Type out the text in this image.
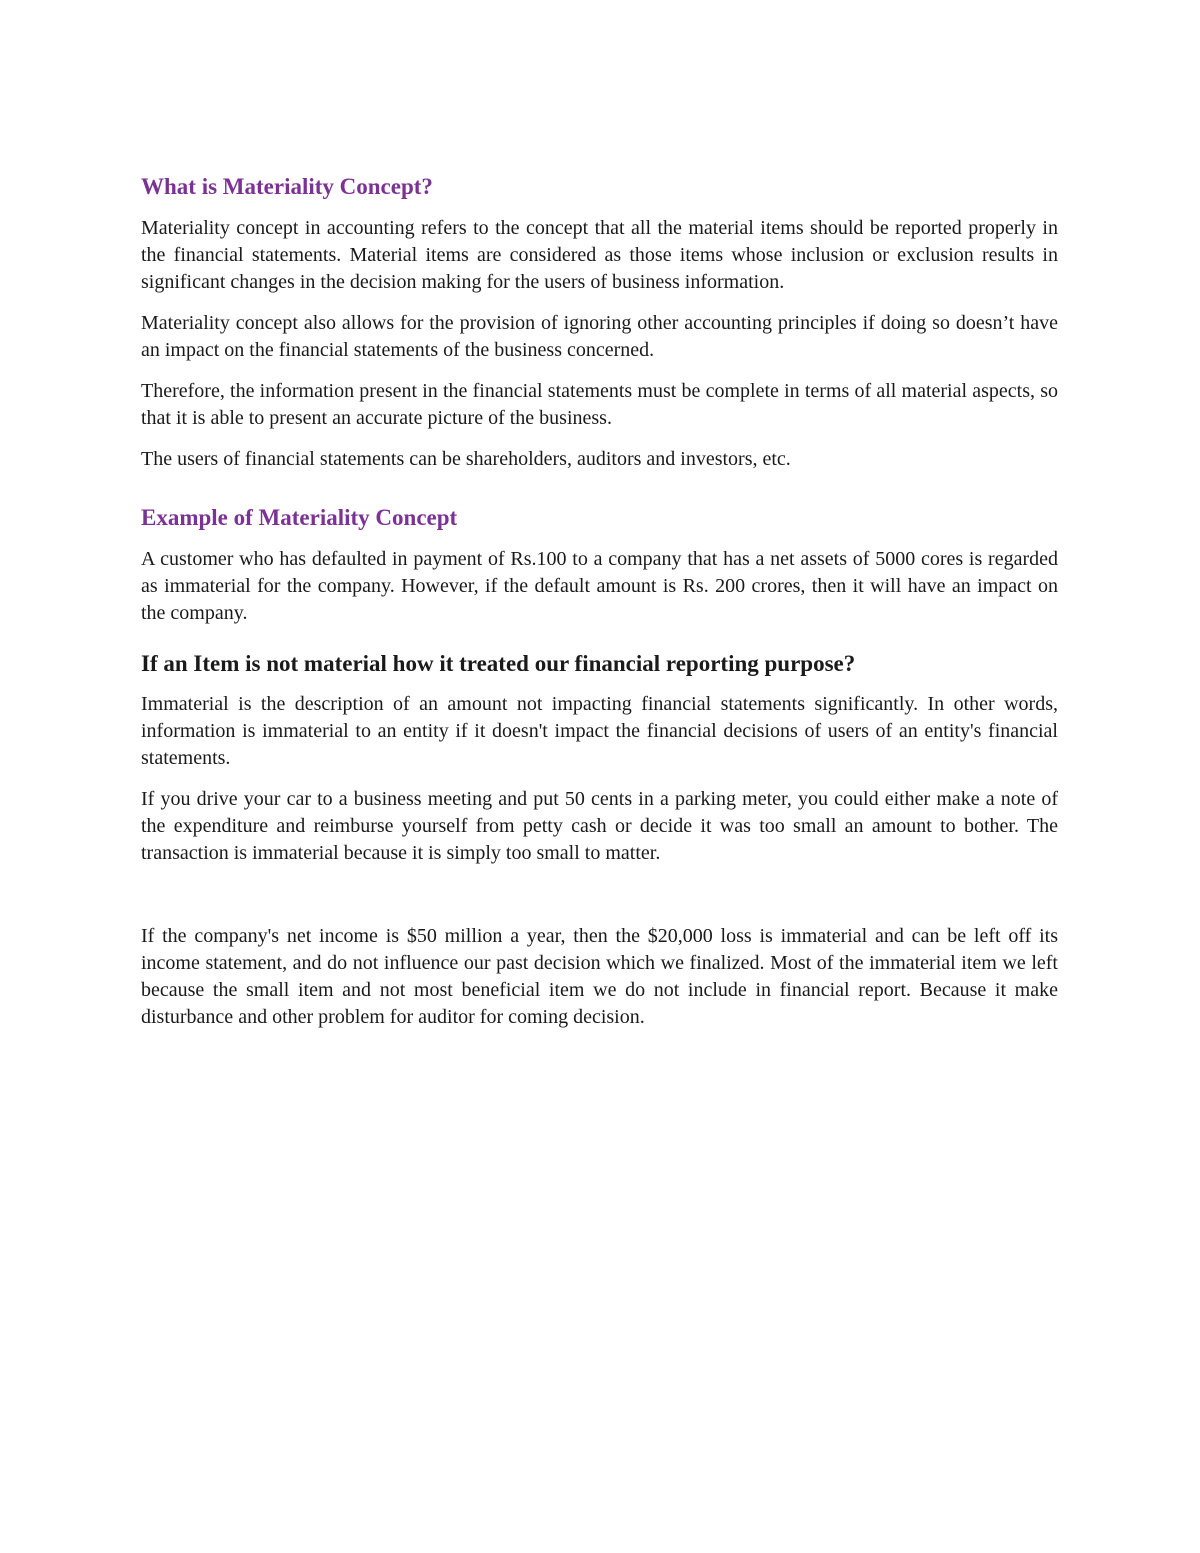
What is Materiality Concept?

Materiality concept in accounting refers to the concept that all the material items should be reported properly in the financial statements. Material items are considered as those items whose inclusion or exclusion results in significant changes in the decision making for the users of business information.

Materiality concept also allows for the provision of ignoring other accounting principles if doing so doesn’t have an impact on the financial statements of the business concerned.

Therefore, the information present in the financial statements must be complete in terms of all material aspects, so that it is able to present an accurate picture of the business.

The users of financial statements can be shareholders, auditors and investors, etc.

Example of Materiality Concept

A customer who has defaulted in payment of Rs.100 to a company that has a net assets of 5000 cores is regarded as immaterial for the company. However, if the default amount is Rs. 200 crores, then it will have an impact on the company.

If an Item is not material how it treated our financial reporting purpose?

Immaterial is the description of an amount not impacting financial statements significantly. In other words, information is immaterial to an entity if it doesn't impact the financial decisions of users of an entity's financial statements.

If you drive your car to a business meeting and put 50 cents in a parking meter, you could either make a note of the expenditure and reimburse yourself from petty cash or decide it was too small an amount to bother. The transaction is immaterial because it is simply too small to matter.

If the company's net income is $50 million a year, then the $20,000 loss is immaterial and can be left off its income statement, and do not influence our past decision which we finalized. Most of the immaterial item we left because the small item and not most beneficial item we do not include in financial report. Because it make disturbance and other problem for auditor for coming decision.
